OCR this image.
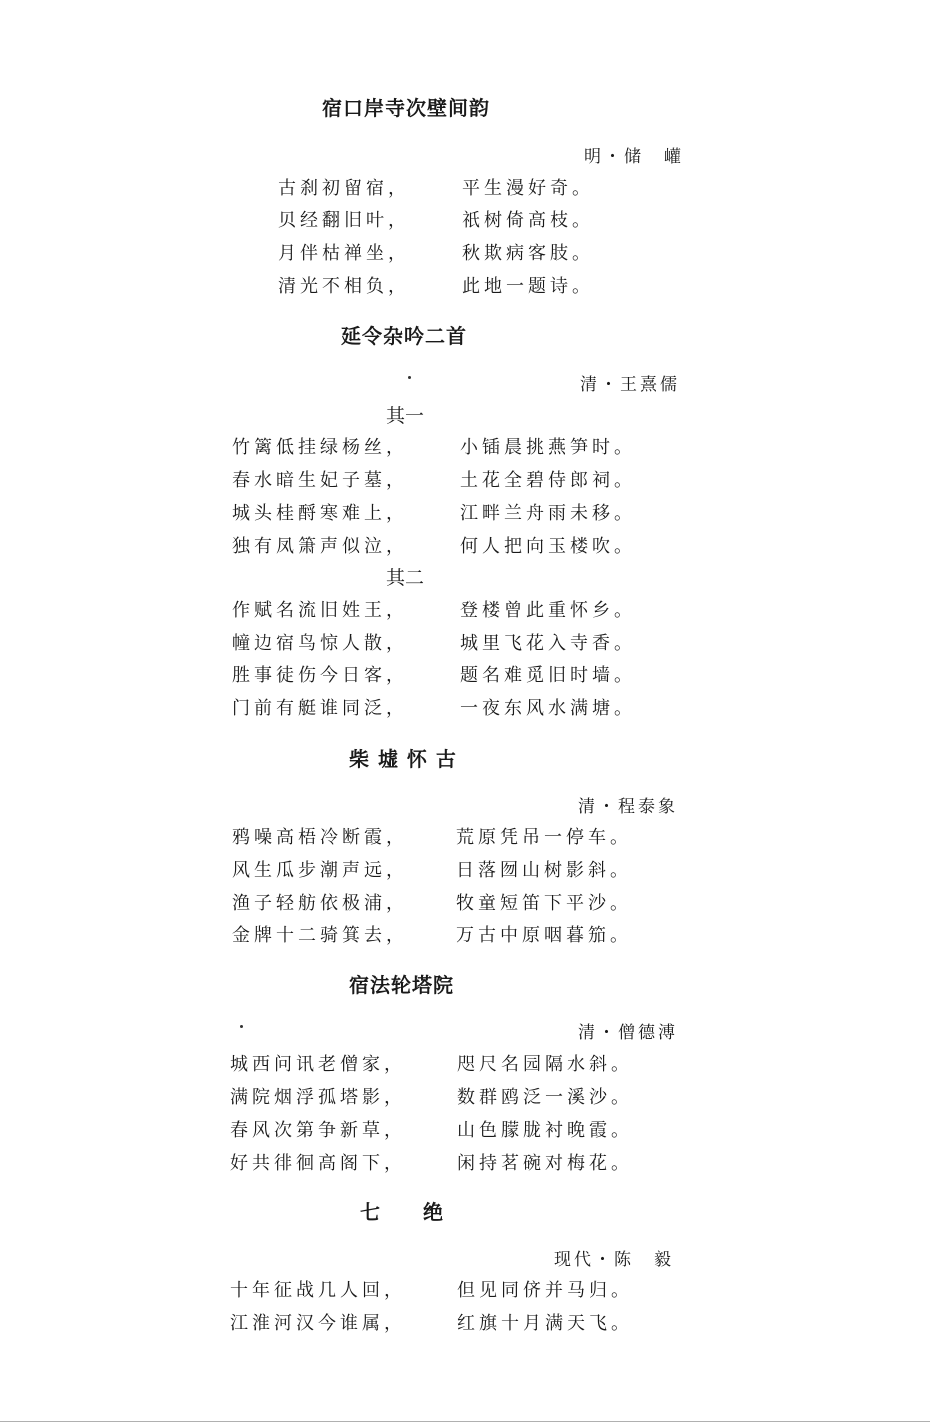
宿口岸寺次壁间韵
明・储　巏
古刹初留宿，	平生漫好奇。
贝经翻旧叶，	祇树倚高枝。
月伴枯禅坐，	秋欺病客肢。
清光不相负，	此地一题诗。
延令杂吟二首
清・王熹儒
其一
竹篱低挂绿杨丝，	小锸晨挑燕笋时。
春水暗生妃子墓，	土花全碧侍郎祠。
城头桂酹寒难上，	江畔兰舟雨未移。
独有凤箫声似泣，	何人把向玉楼吹。
其二
作赋名流旧姓王，	登楼曾此重怀乡。
幢边宿鸟惊人散，	城里飞花入寺香。
胜事徒伤今日客，	题名难觅旧时墙。
门前有艇谁同泛，	一夜东风水满塘。
柴 墟 怀 古
清・程泰象
鸦噪高梧冷断霞，	荒原凭吊一停车。
风生瓜步潮声远，	日落囫山树影斜。
渔子轻舫依极浦，	牧童短笛下平沙。
金牌十二骑箕去，	万古中原咽暮笳。
宿法轮塔院
清・僧德溥
城西问讯老僧家，	咫尺名园隔水斜。
满院烟浮孤塔影，	数群鸥泛一溪沙。
春风次第争新草，	山色朦胧衬晚霞。
好共徘徊高阁下，	闲持茗碗对梅花。
七　　绝
现代・陈　毅
十年征战几人回，	但见同侪并马归。
江淮河汉今谁属，	红旗十月满天飞。
